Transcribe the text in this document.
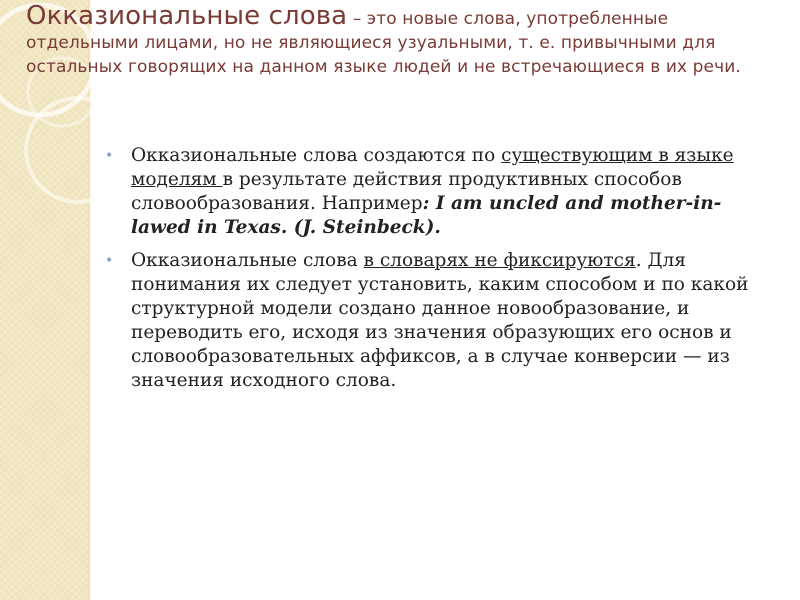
Окказиональные слова – это новые слова, употребленные отдельными лицами, но не являющиеся узуальными, т. е. привычными для остальных говорящих на данном языке людей и не встречающиеся в их речи.
• Окказиональные слова создаются по существующим в языке моделям в результате действия продуктивных способов словообразования. Например: I am uncled and mother-in-lawed in Texas. (J. Steinbeck).
• Окказиональные слова в словарях не фиксируются. Для понимания их следует установить, каким способом и по какой структурной модели создано данное новообразование, и переводить его, исходя из значения образующих его основ и словообразовательных аффиксов, а в случае конверсии — из значения исходного слова.
